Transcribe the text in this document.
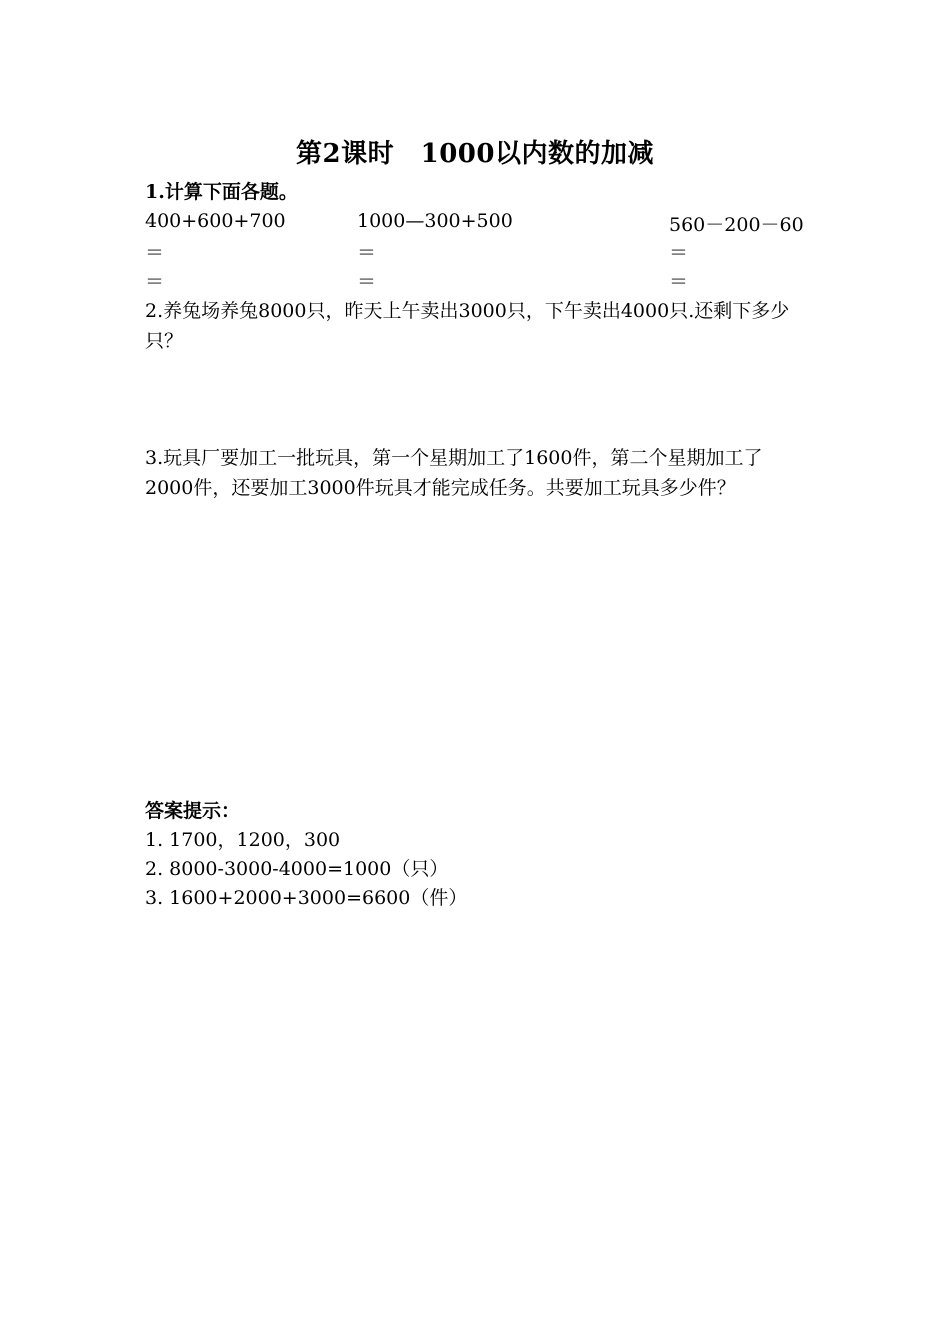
第2课时　1000以内数的加减
1.计算下面各题。
400+600+700	1000—300+500	560－200－60
＝	＝	＝
＝	＝	＝
2.养兔场养兔8000只，昨天上午卖出3000只，下午卖出4000只.还剩下多少只？
3.玩具厂要加工一批玩具，第一个星期加工了1600件，第二个星期加工了2000件，还要加工3000件玩具才能完成任务。共要加工玩具多少件？
答案提示：
1. 1700，1200，300
2. 8000-3000-4000=1000（只）
3. 1600+2000+3000=6600（件）
